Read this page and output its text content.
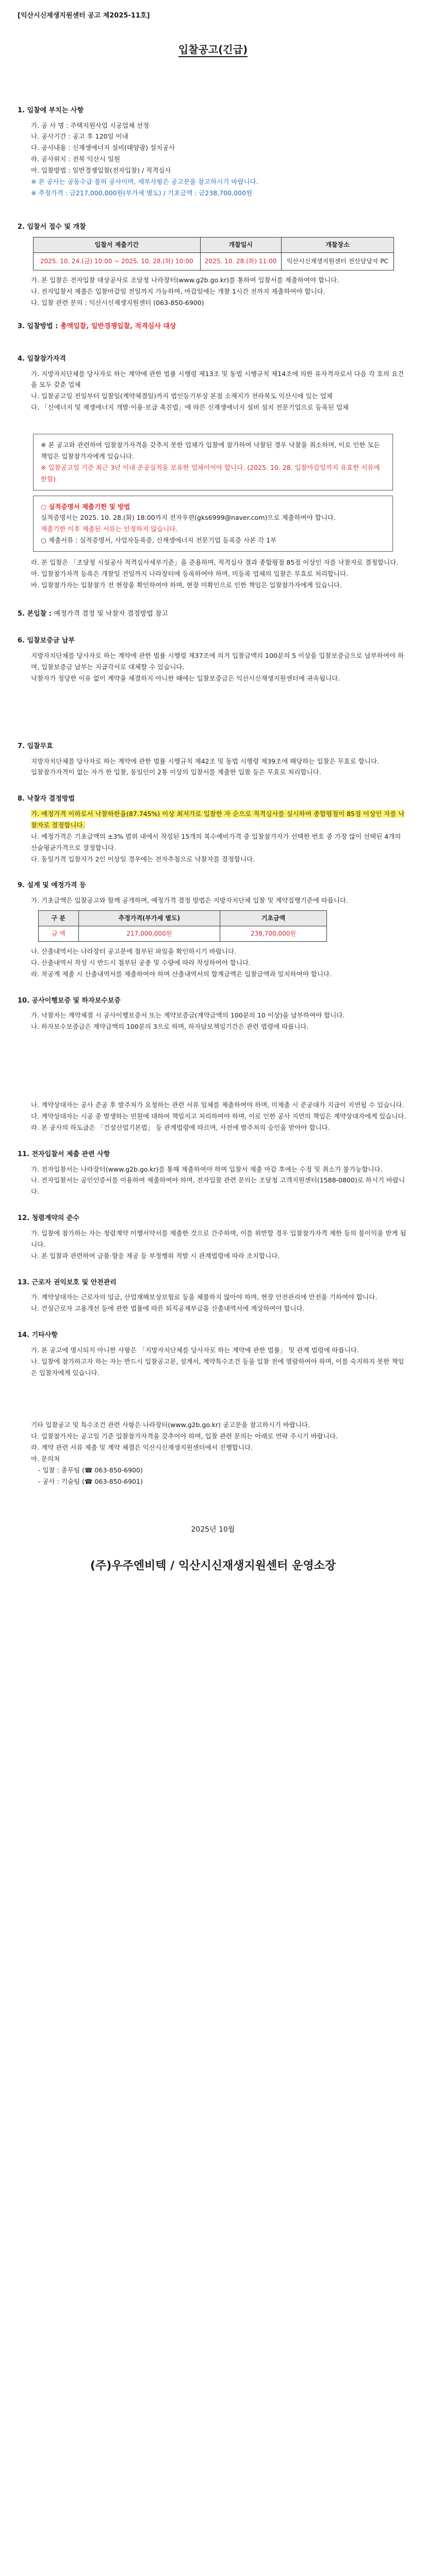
[익산시신재생지원센터 공고 제2025-11호]

입찰공고(긴급)

1. 입찰에 부치는 사항

가. 공 사 명 : 주택지원사업 시공업체 선정

나. 공사기간 : 공고 후 120일 이내

다. 공사내용 : 신재생에너지 설비(태양광) 설치공사

라. 공사위치 : 전북 익산시 일원

마. 입찰방법 : 일반경쟁입찰(전자입찰) / 적격심사

※ 본 공사는 공동수급 불허 공사이며, 세부사항은 공고문을 참고하시기 바랍니다.

※ 추정가격 : 금217,000,000원(부가세 별도) / 기초금액 : 금238,700,000원

2. 입찰서 접수 및 개찰

입찰서 제출기간	개찰일시	개찰장소
2025. 10. 24.(금) 10:00 ~ 2025. 10. 28.(화) 10:00	2025. 10. 28.(화) 11:00	익산시신재생지원센터 전산담당자 PC

가. 본 입찰은 전자입찰 대상공사로 조달청 나라장터(www.g2b.go.kr)를 통하여 입찰서를 제출하여야 합니다.

나. 전자입찰서 제출은 입찰마감일 전일까지 가능하며, 마감일에는 개찰 1시간 전까지 제출하여야 합니다.

다. 입찰 관련 문의 : 익산시신재생지원센터 (063-850-6900)

3. 입찰방법 : 총액입찰, 일반경쟁입찰, 적격심사 대상

4. 입찰참가자격

가. 지방자치단체를 당사자로 하는 계약에 관한 법률 시행령 제13조 및 동법 시행규칙 제14조에 의한 유자격자로서 다음 각 호의 요건을 모두 갖춘 업체

나. 입찰공고일 전일부터 입찰일(계약체결일)까지 법인등기부상 본점 소재지가 전라북도 익산시에 있는 업체

다. 「신에너지 및 재생에너지 개발·이용·보급 촉진법」에 따른 신재생에너지 설비 설치 전문기업으로 등록된 업체

※ 본 공고와 관련하여 입찰참가자격을 갖추지 못한 업체가 입찰에 참가하여 낙찰된 경우 낙찰을 취소하며, 이로 인한 모든 책임은 입찰참가자에게 있습니다.

※ 입찰공고일 기준 최근 3년 이내 준공실적을 보유한 업체이어야 합니다. (2025. 10. 28. 입찰마감일까지 유효한 서류에 한함)

○ 실적증명서 제출기한 및 방법

실적증명서는 2025. 10. 28.(화) 18:00까지 전자우편(gks6999@naver.com)으로 제출하여야 합니다.

제출기한 이후 제출된 서류는 인정하지 않습니다.

○ 제출서류 : 실적증명서, 사업자등록증, 신재생에너지 전문기업 등록증 사본 각 1부

라. 본 입찰은 「조달청 시설공사 적격심사세부기준」을 준용하며, 적격심사 결과 종합평점 85점 이상인 자를 낙찰자로 결정합니다.

마. 입찰참가자격 등록은 개찰일 전일까지 나라장터에 등록하여야 하며, 미등록 업체의 입찰은 무효로 처리합니다.

바. 입찰참가자는 입찰참가 전 현장을 확인하여야 하며, 현장 미확인으로 인한 책임은 입찰참가자에게 있습니다.

5. 본입찰 : 예정가격 결정 및 낙찰자 결정방법 참고

6. 입찰보증금 납부

지방자치단체를 당사자로 하는 계약에 관한 법률 시행령 제37조에 의거 입찰금액의 100분의 5 이상을 입찰보증금으로 납부하여야 하며, 입찰보증금 납부는 지급각서로 대체할 수 있습니다.

낙찰자가 정당한 이유 없이 계약을 체결하지 아니한 때에는 입찰보증금은 익산시신재생지원센터에 귀속됩니다.

7. 입찰무효

지방자치단체를 당사자로 하는 계약에 관한 법률 시행규칙 제42조 및 동법 시행령 제39조에 해당하는 입찰은 무효로 합니다.

입찰참가자격이 없는 자가 한 입찰, 동일인이 2통 이상의 입찰서를 제출한 입찰 등은 무효로 처리합니다.

8. 낙찰자 결정방법

가. 예정가격 이하로서 낙찰하한율(87.745%) 이상 최저가로 입찰한 자 순으로 적격심사를 실시하여 종합평점이 85점 이상인 자를 낙찰자로 결정합니다.

나. 예정가격은 기초금액의 ±3% 범위 내에서 작성된 15개의 복수예비가격 중 입찰참가자가 선택한 번호 중 가장 많이 선택된 4개의 산술평균가격으로 결정합니다.

다. 동일가격 입찰자가 2인 이상일 경우에는 전자추첨으로 낙찰자를 결정합니다.

9. 설계 및 예정가격 등

가. 기초금액은 입찰공고와 함께 공개하며, 예정가격 결정 방법은 지방자치단체 입찰 및 계약집행기준에 따릅니다.

구 분	추정가격(부가세 별도)	기초금액
금 액	217,000,000원	238,700,000원

나. 산출내역서는 나라장터 공고문에 첨부된 파일을 확인하시기 바랍니다.

다. 산출내역서 작성 시 반드시 첨부된 공종 및 수량에 따라 작성하여야 합니다.

라. 착공계 제출 시 산출내역서를 제출하여야 하며 산출내역서의 합계금액은 입찰금액과 일치하여야 합니다.

10. 공사이행보증 및 하자보수보증

가. 낙찰자는 계약체결 시 공사이행보증서 또는 계약보증금(계약금액의 100분의 10 이상)을 납부하여야 합니다.

나. 하자보수보증금은 계약금액의 100분의 3으로 하며, 하자담보책임기간은 관련 법령에 따릅니다.

나. 계약상대자는 공사 준공 후 발주처가 요청하는 관련 서류 일체를 제출하여야 하며, 미제출 시 준공대가 지급이 지연될 수 있습니다.

다. 계약상대자는 시공 중 발생하는 민원에 대하여 책임지고 처리하여야 하며, 이로 인한 공사 지연의 책임은 계약상대자에게 있습니다.

라. 본 공사의 하도급은 「건설산업기본법」 등 관계법령에 따르며, 사전에 발주처의 승인을 받아야 합니다.

11. 전자입찰서 제출 관련 사항

가. 전자입찰서는 나라장터(www.g2b.go.kr)를 통해 제출하여야 하며 입찰서 제출 마감 후에는 수정 및 취소가 불가능합니다.

나. 전자입찰서는 공인인증서를 이용하여 제출하여야 하며, 전자입찰 관련 문의는 조달청 고객지원센터(1588-0800)로 하시기 바랍니다.

12. 청렴계약의 준수

가. 입찰에 참가하는 자는 청렴계약 이행서약서를 제출한 것으로 간주하며, 이를 위반할 경우 입찰참가자격 제한 등의 불이익을 받게 됩니다.

나. 본 입찰과 관련하여 금품·향응 제공 등 부정행위 적발 시 관계법령에 따라 조치합니다.

13. 근로자 권익보호 및 안전관리

가. 계약상대자는 근로자의 임금, 산업재해보상보험료 등을 체불하지 않아야 하며, 현장 안전관리에 만전을 기하여야 합니다.

나. 건설근로자 고용개선 등에 관한 법률에 따른 퇴직공제부금을 산출내역서에 계상하여야 합니다.

14. 기타사항

가. 본 공고에 명시되지 아니한 사항은 「지방자치단체를 당사자로 하는 계약에 관한 법률」 및 관계 법령에 따릅니다.

나. 입찰에 참가하고자 하는 자는 반드시 입찰공고문, 설계서, 계약특수조건 등을 입찰 전에 열람하여야 하며, 이를 숙지하지 못한 책임은 입찰자에게 있습니다.

기타 입찰공고 및 특수조건 관련 사항은 나라장터(www.g2b.go.kr) 공고문을 참고하시기 바랍니다.

다. 입찰참가자는 공고일 기준 입찰참가자격을 갖추어야 하며, 입찰 관련 문의는 아래로 연락 주시기 바랍니다.

라. 계약 관련 서류 제출 및 계약 체결은 익산시신재생지원센터에서 진행합니다.

마. 문의처

- 입찰 : 총무팀 (☎ 063-850-6900)

- 공사 : 기술팀 (☎ 063-850-6901)

2025년 10월
(주)우주엔비텍 / 익산시신재생지원센터 운영소장
